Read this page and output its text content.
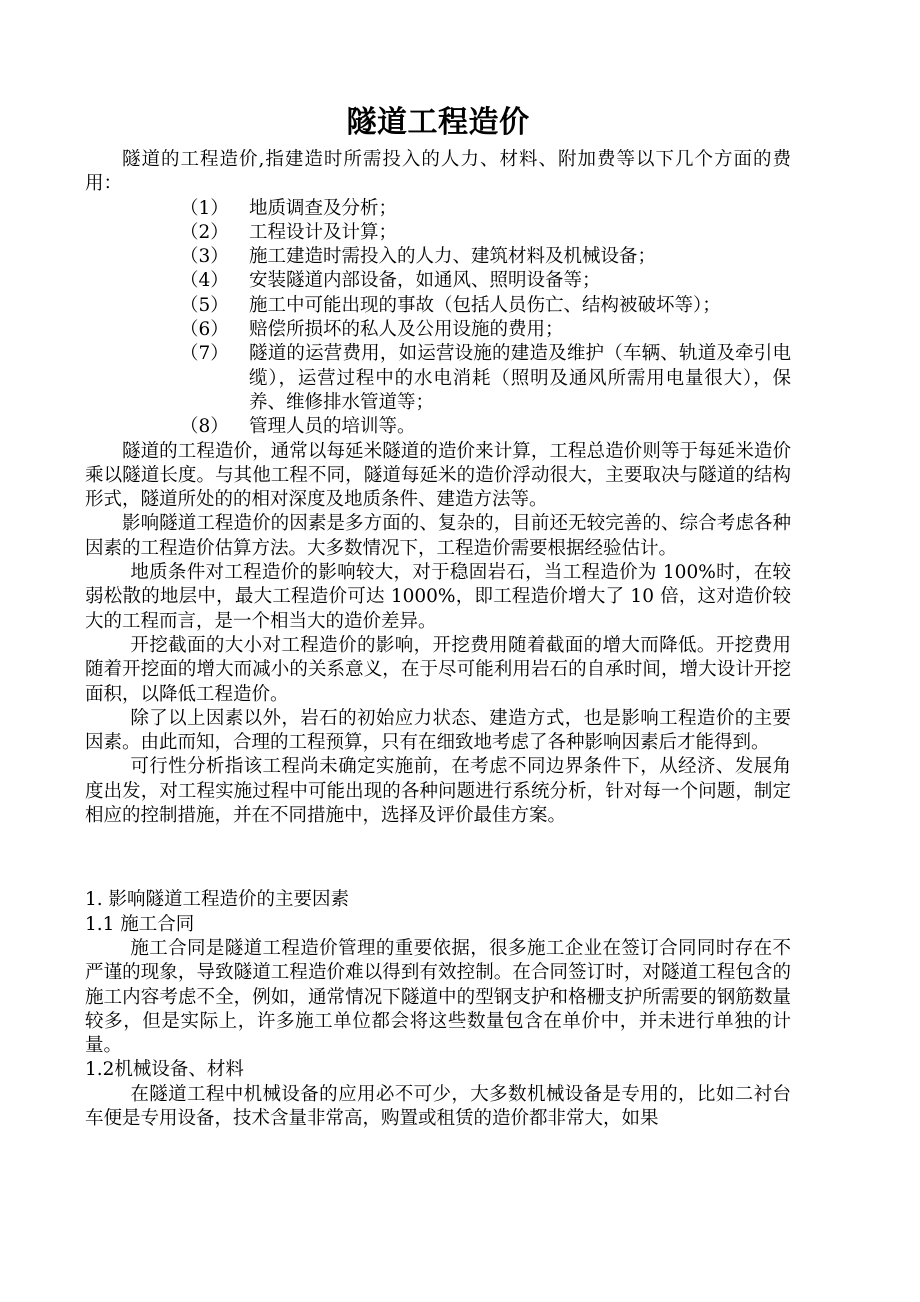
隧道工程造价

隧道的工程造价,指建造时所需投入的人力、材料、附加费等以下几个方面的费用：

（1）	地质调查及分析；
（2）	工程设计及计算；
（3）	施工建造时需投入的人力、建筑材料及机械设备；
（4）	安装隧道内部设备，如通风、照明设备等；
（5）	施工中可能出现的事故（包括人员伤亡、结构被破坏等）；
（6）	赔偿所损坏的私人及公用设施的费用；
（7）	隧道的运营费用，如运营设施的建造及维护（车辆、轨道及牵引电缆），运营过程中的水电消耗（照明及通风所需用电量很大），保养、维修排水管道等；
（8）	管理人员的培训等。

隧道的工程造价，通常以每延米隧道的造价来计算，工程总造价则等于每延米造价乘以隧道长度。与其他工程不同，隧道每延米的造价浮动很大，主要取决与隧道的结构形式，隧道所处的的相对深度及地质条件、建造方法等。

影响隧道工程造价的因素是多方面的、复杂的，目前还无较完善的、综合考虑各种因素的工程造价估算方法。大多数情况下，工程造价需要根据经验估计。

地质条件对工程造价的影响较大，对于稳固岩石，当工程造价为 100%时，在较弱松散的地层中，最大工程造价可达 1000%，即工程造价增大了 10 倍，这对造价较大的工程而言，是一个相当大的造价差异。

开挖截面的大小对工程造价的影响，开挖费用随着截面的增大而降低。开挖费用随着开挖面的增大而减小的关系意义，在于尽可能利用岩石的自承时间，增大设计开挖面积，以降低工程造价。

除了以上因素以外，岩石的初始应力状态、建造方式，也是影响工程造价的主要因素。由此而知，合理的工程预算，只有在细致地考虑了各种影响因素后才能得到。

可行性分析指该工程尚未确定实施前，在考虑不同边界条件下，从经济、发展角度出发，对工程实施过程中可能出现的各种问题进行系统分析，针对每一个问题，制定相应的控制措施，并在不同措施中，选择及评价最佳方案。

1. 影响隧道工程造价的主要因素
1.1 施工合同

施工合同是隧道工程造价管理的重要依据，很多施工企业在签订合同同时存在不严谨的现象，导致隧道工程造价难以得到有效控制。在合同签订时，对隧道工程包含的施工内容考虑不全，例如，通常情况下隧道中的型钢支护和格栅支护所需要的钢筋数量较多，但是实际上，许多施工单位都会将这些数量包含在单价中，并未进行单独的计量。

1.2机械设备、材料

在隧道工程中机械设备的应用必不可少，大多数机械设备是专用的，比如二衬台车便是专用设备，技术含量非常高，购置或租赁的造价都非常大，如果
